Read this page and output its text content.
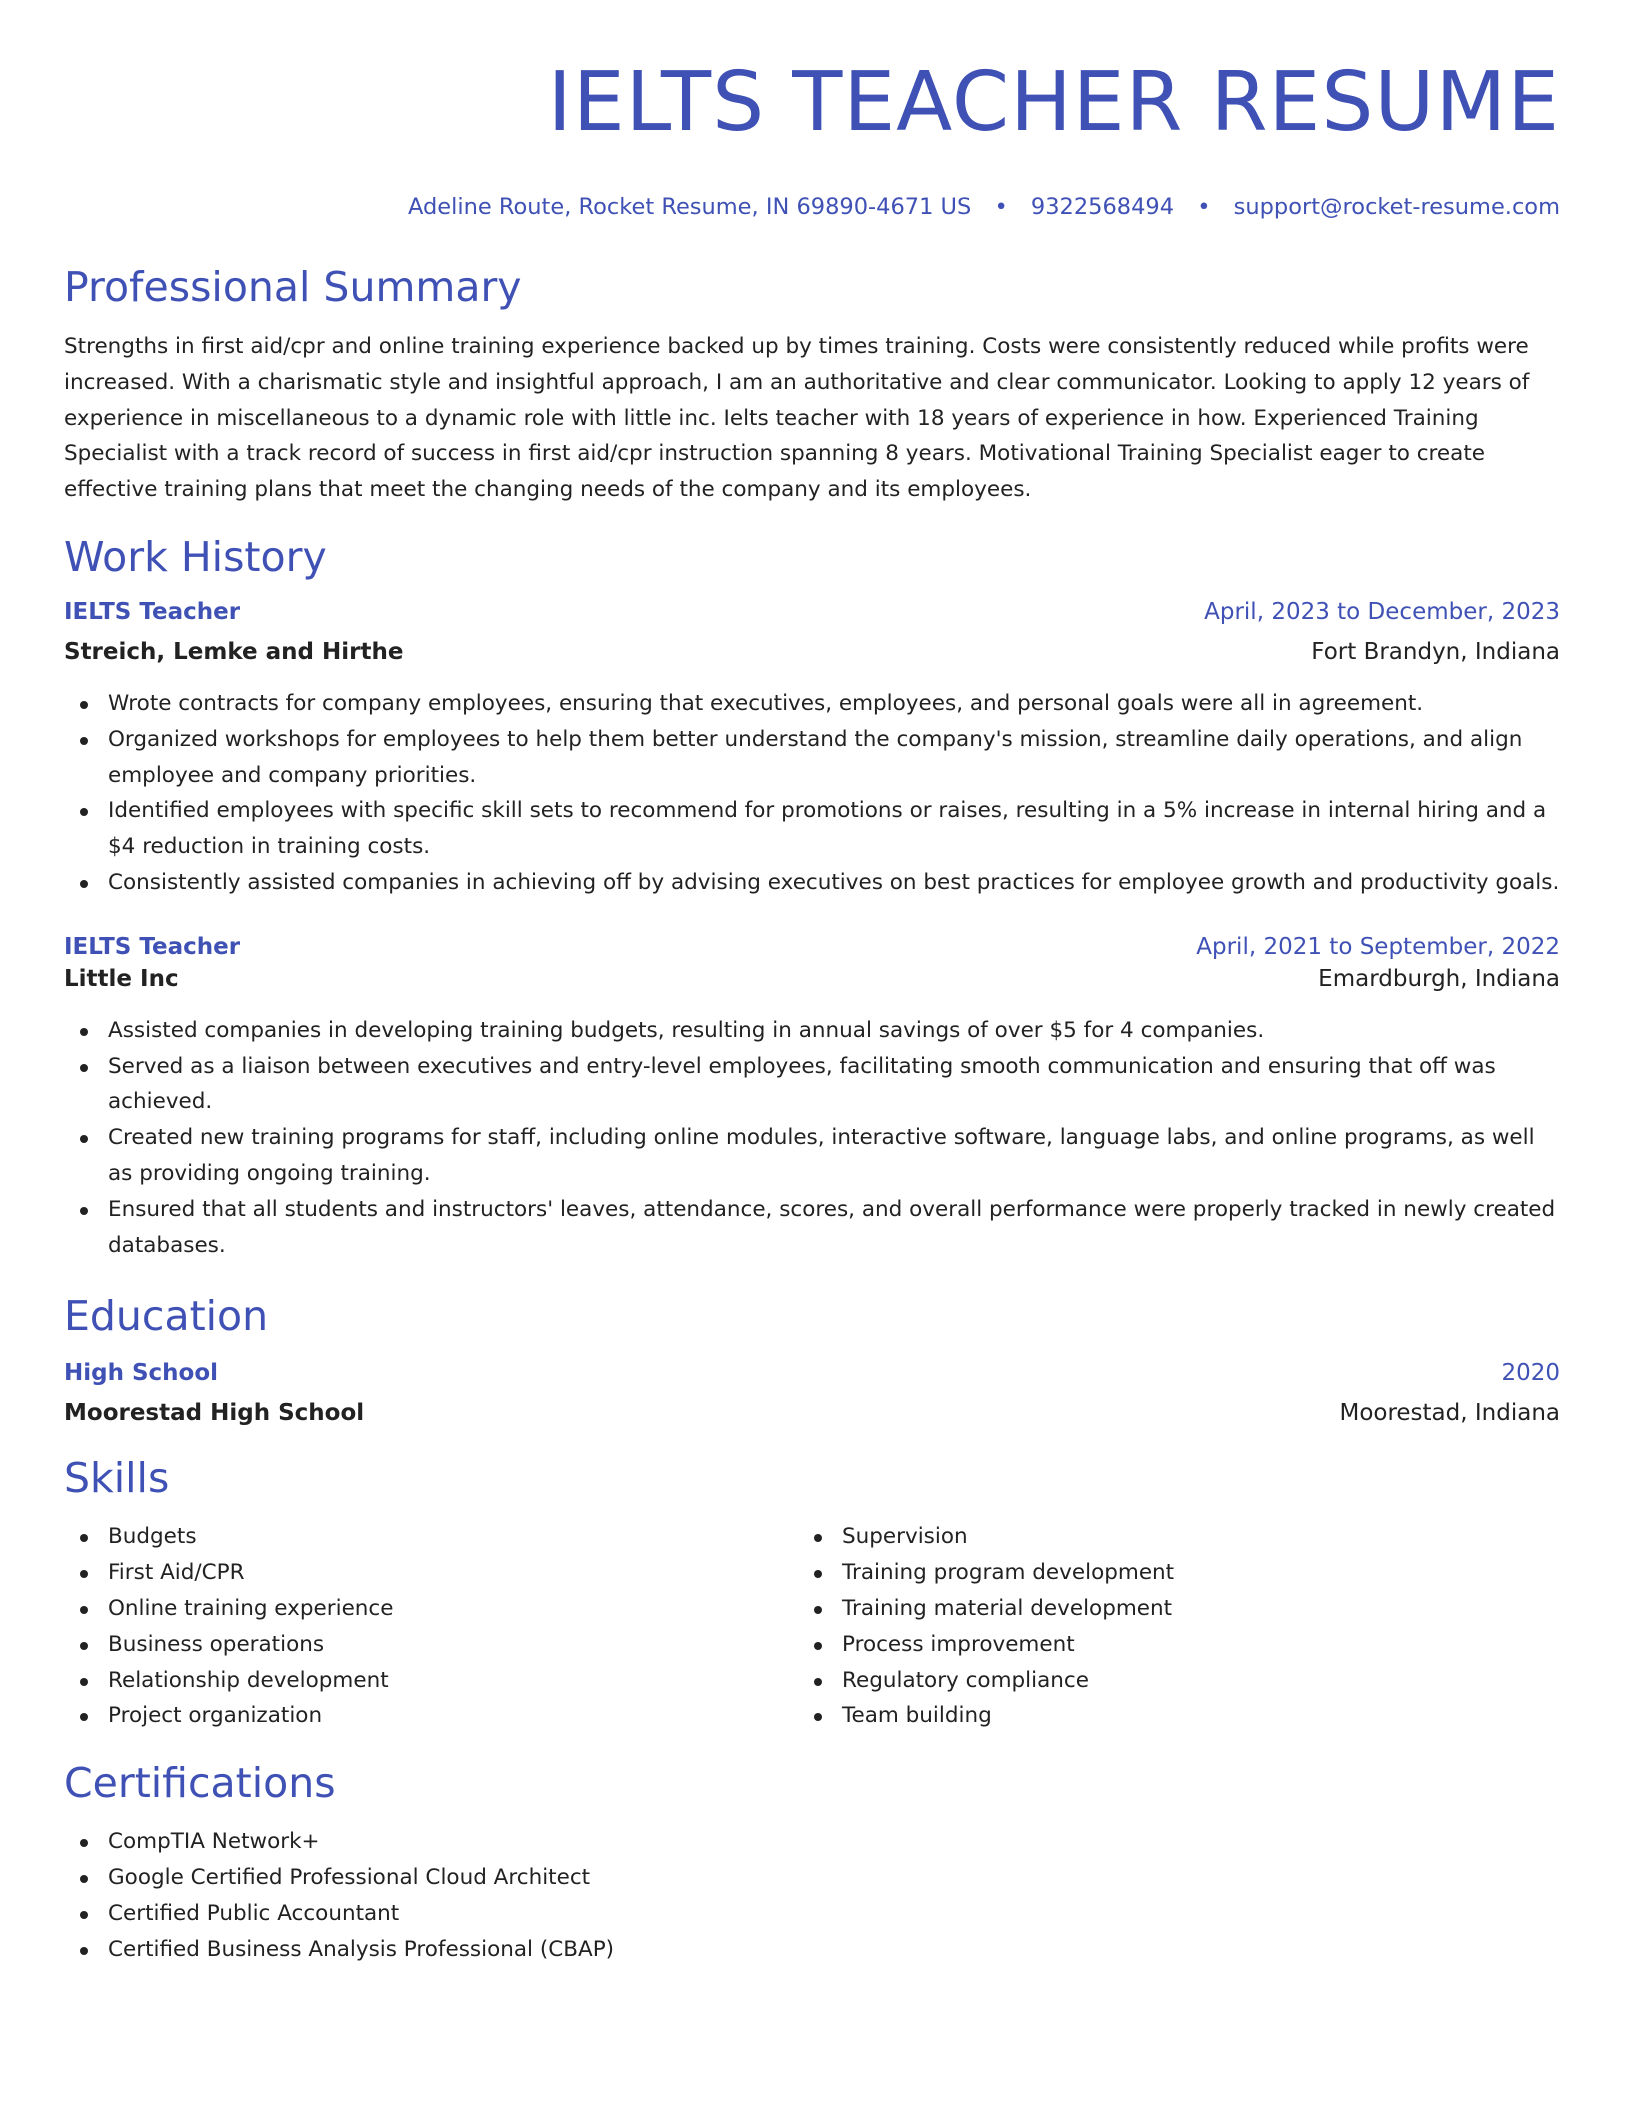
IELTS TEACHER RESUME
Adeline Route, Rocket Resume, IN 69890-4671 US • 9322568494 • support@rocket-resume.com
Professional Summary

Strengths in first aid/cpr and online training experience backed up by times training. Costs were consistently reduced while profits were increased. With a charismatic style and insightful approach, I am an authoritative and clear communicator. Looking to apply 12 years of experience in miscellaneous to a dynamic role with little inc. Ielts teacher with 18 years of experience in how. Experienced Training Specialist with a track record of success in first aid/cpr instruction spanning 8 years. Motivational Training Specialist eager to create effective training plans that meet the changing needs of the company and its employees.

Work History
IELTS Teacher	April, 2023 to December, 2023
Streich, Lemke and Hirthe	Fort Brandyn, Indiana
Wrote contracts for company employees, ensuring that executives, employees, and personal goals were all in agreement.
Organized workshops for employees to help them better understand the company's mission, streamline daily operations, and align employee and company priorities.
Identified employees with specific skill sets to recommend for promotions or raises, resulting in a 5% increase in internal hiring and a $4 reduction in training costs.
Consistently assisted companies in achieving off by advising executives on best practices for employee growth and productivity goals.
IELTS Teacher	April, 2021 to September, 2022
Little Inc	Emardburgh, Indiana
Assisted companies in developing training budgets, resulting in annual savings of over $5 for 4 companies.
Served as a liaison between executives and entry-level employees, facilitating smooth communication and ensuring that off was achieved.
Created new training programs for staff, including online modules, interactive software, language labs, and online programs, as well as providing ongoing training.
Ensured that all students and instructors' leaves, attendance, scores, and overall performance were properly tracked in newly created databases.
Education
High School	2020
Moorestad High School	Moorestad, Indiana
Skills
Budgets
First Aid/CPR
Online training experience
Business operations
Relationship development
Project organization
Supervision
Training program development
Training material development
Process improvement
Regulatory compliance
Team building
Certifications
CompTIA Network+
Google Certified Professional Cloud Architect
Certified Public Accountant
Certified Business Analysis Professional (CBAP)
